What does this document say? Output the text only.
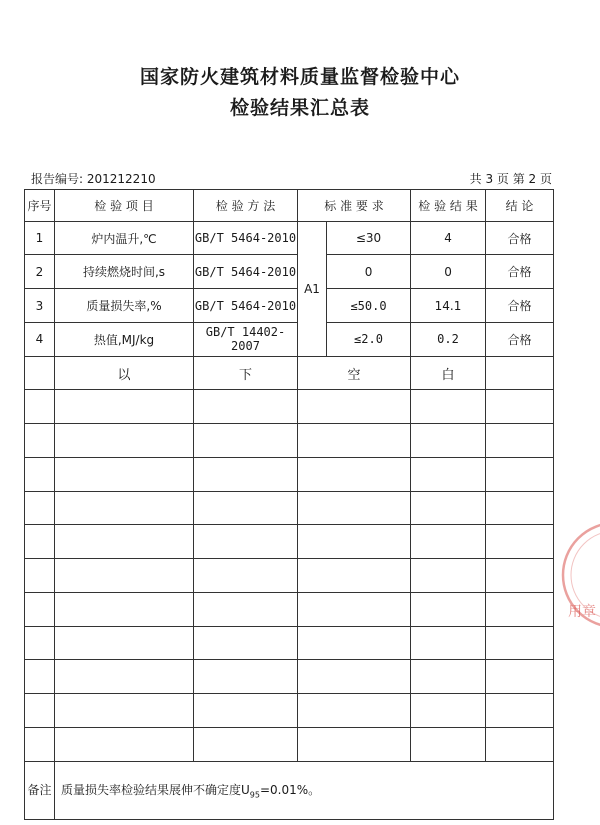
国家防火建筑材料质量监督检验中心
检验结果汇总表
报告编号: 201212210	共 3 页 第 2 页
序号	检 验 项 目	检 验 方 法	标 准 要 求		检 验 结 果	结 论
1	炉内温升,℃	GB/T 5464-2010	A1	≤30	4	合格
2	持续燃烧时间,s	GB/T 5464-2010		0	0	合格
3	质量损失率,%	GB/T 5464-2010		≤50.0	14.1	合格
4	热值,MJ/kg	GB/T 14402-2007		≤2.0	0.2	合格
	以	下	空		白	

备注	质量损失率检验结果展伸不确定度$U_{95}=0.01\%$。					
用章
